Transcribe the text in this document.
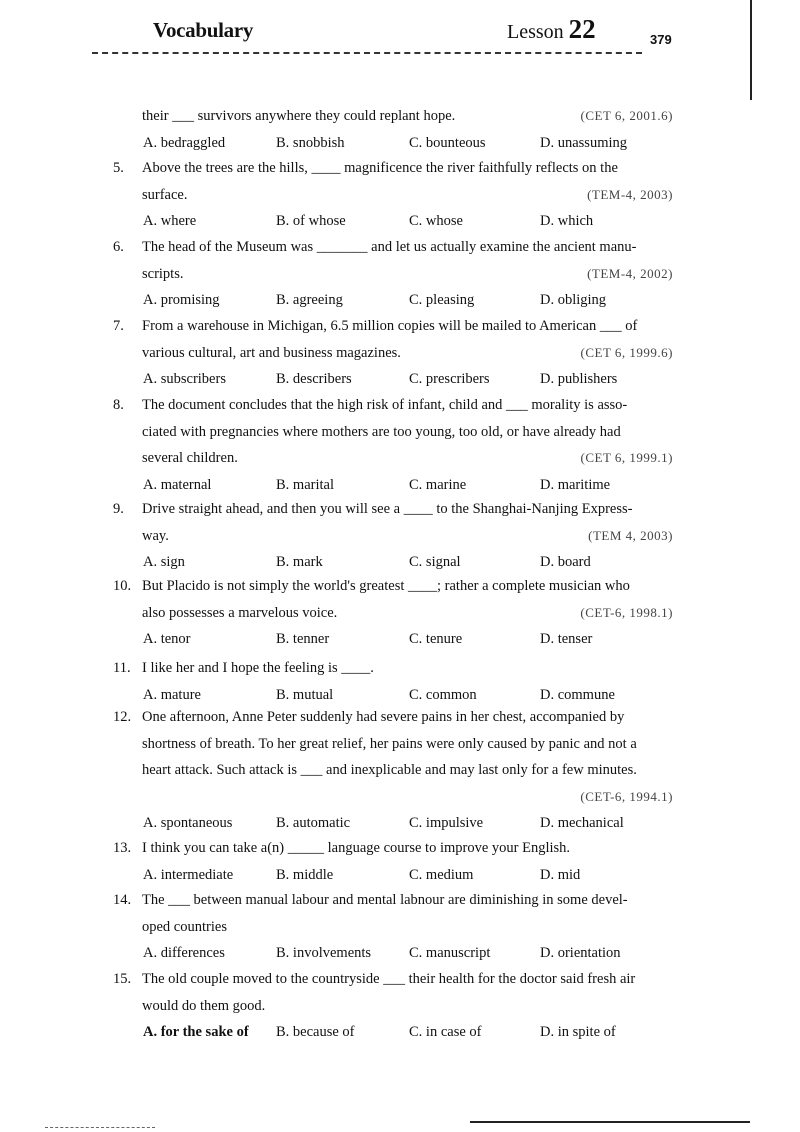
Vocabulary	Lesson 22	379
their ___ survivors anywhere they could replant hope.	(CET 6, 2001.6)
A. bedraggled	B. snobbish	C. bounteous	D. unassuming
5.	Above the trees are the hills, ____ magnificence the river faithfully reflects on the
surface.	(TEM-4, 2003)
A. where	B. of whose	C. whose	D. which
6.	The head of the Museum was _______ and let us actually examine the ancient manu-
scripts.	(TEM-4, 2002)
A. promising	B. agreeing	C. pleasing	D. obliging
7.	From a warehouse in Michigan, 6.5 million copies will be mailed to American ___ of
various cultural, art and business magazines.	(CET 6, 1999.6)
A. subscribers	B. describers	C. prescribers	D. publishers
8.	The document concludes that the high risk of infant, child and ___ morality is asso-
ciated with pregnancies where mothers are too young, too old, or have already had
several children.	(CET 6, 1999.1)
A. maternal	B. marital	C. marine	D. maritime
9.	Drive straight ahead, and then you will see a ____ to the Shanghai-Nanjing Express-
way.	(TEM 4, 2003)
A. sign	B. mark	C. signal	D. board
10. But Placido is not simply the world's greatest ____; rather a complete musician who
also possesses a marvelous voice.	(CET-6, 1998.1)
A. tenor	B. tenner	C. tenure	D. tenser
11. I like her and I hope the feeling is ____.
A. mature	B. mutual	C. common	D. commune
12. One afternoon, Anne Peter suddenly had severe pains in her chest, accompanied by
shortness of breath. To her great relief, her pains were only caused by panic and not a
heart attack. Such attack is ___ and inexplicable and may last only for a few minutes.
(CET-6, 1994.1)
A. spontaneous	B. automatic	C. impulsive	D. mechanical
13. I think you can take a(n) _____ language course to improve your English.
A. intermediate	B. middle	C. medium	D. mid
14. The ___ between manual labour and mental labnour are diminishing in some devel-
oped countries
A. differences	B. involvements	C. manuscript	D. orientation
15. The old couple moved to the countryside ___ their health for the doctor said fresh air
would do them good.
A. for the sake of B. because of	C. in case of	D. in spite of
